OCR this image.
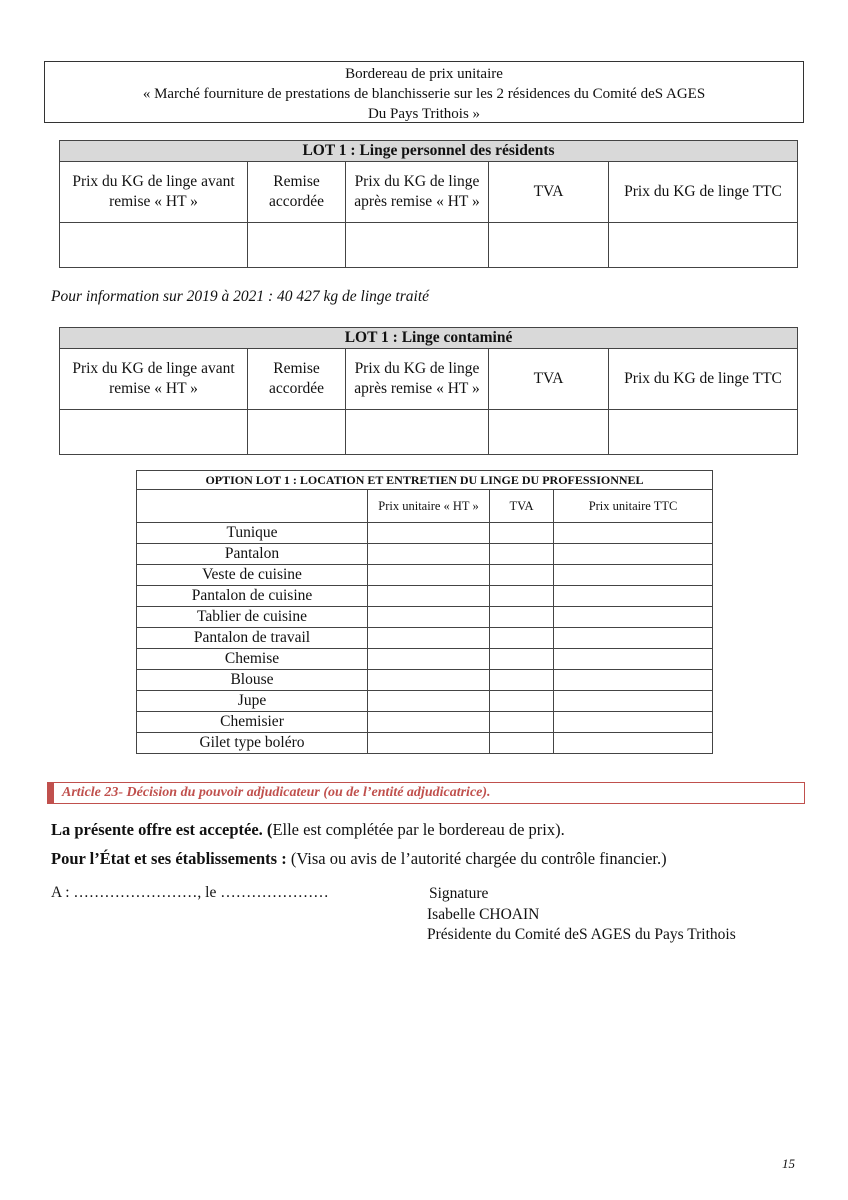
Bordereau de prix unitaire
« Marché fourniture de prestations de blanchisserie sur les 2 résidences du Comité deS AGES
Du Pays Trithois »
LOT 1 : Linge personnel des résidents				
Prix du KG de linge avant remise « HT »	Remise accordée	Prix du KG de linge après remise « HT »	TVA	Prix du KG de linge TTC

Pour information sur 2019 à 2021 : 40 427 kg de linge traité
LOT 1 : Linge contaminé				
Prix du KG de linge avant remise « HT »	Remise accordée	Prix du KG de linge après remise « HT »	TVA	Prix du KG de linge TTC

OPTION LOT 1 : LOCATION ET ENTRETIEN DU LINGE DU PROFESSIONNEL			
	Prix unitaire « HT »	TVA	Prix unitaire TTC
Tunique			
Pantalon			
Veste de cuisine			
Pantalon de cuisine			
Tablier de cuisine			
Pantalon de travail			
Chemise			
Blouse			
Jupe			
Chemisier			
Gilet type boléro			
Article 23- Décision du pouvoir adjudicateur (ou de l’entité adjudicatrice).
La présente offre est acceptée. (Elle est complétée par le bordereau de prix).
Pour l’État et ses établissements : (Visa ou avis de l’autorité chargée du contrôle financier.)
A : ……………………, le …………………	Signature
Isabelle CHOAIN
Présidente du Comité deS AGES du Pays Trithois
15
